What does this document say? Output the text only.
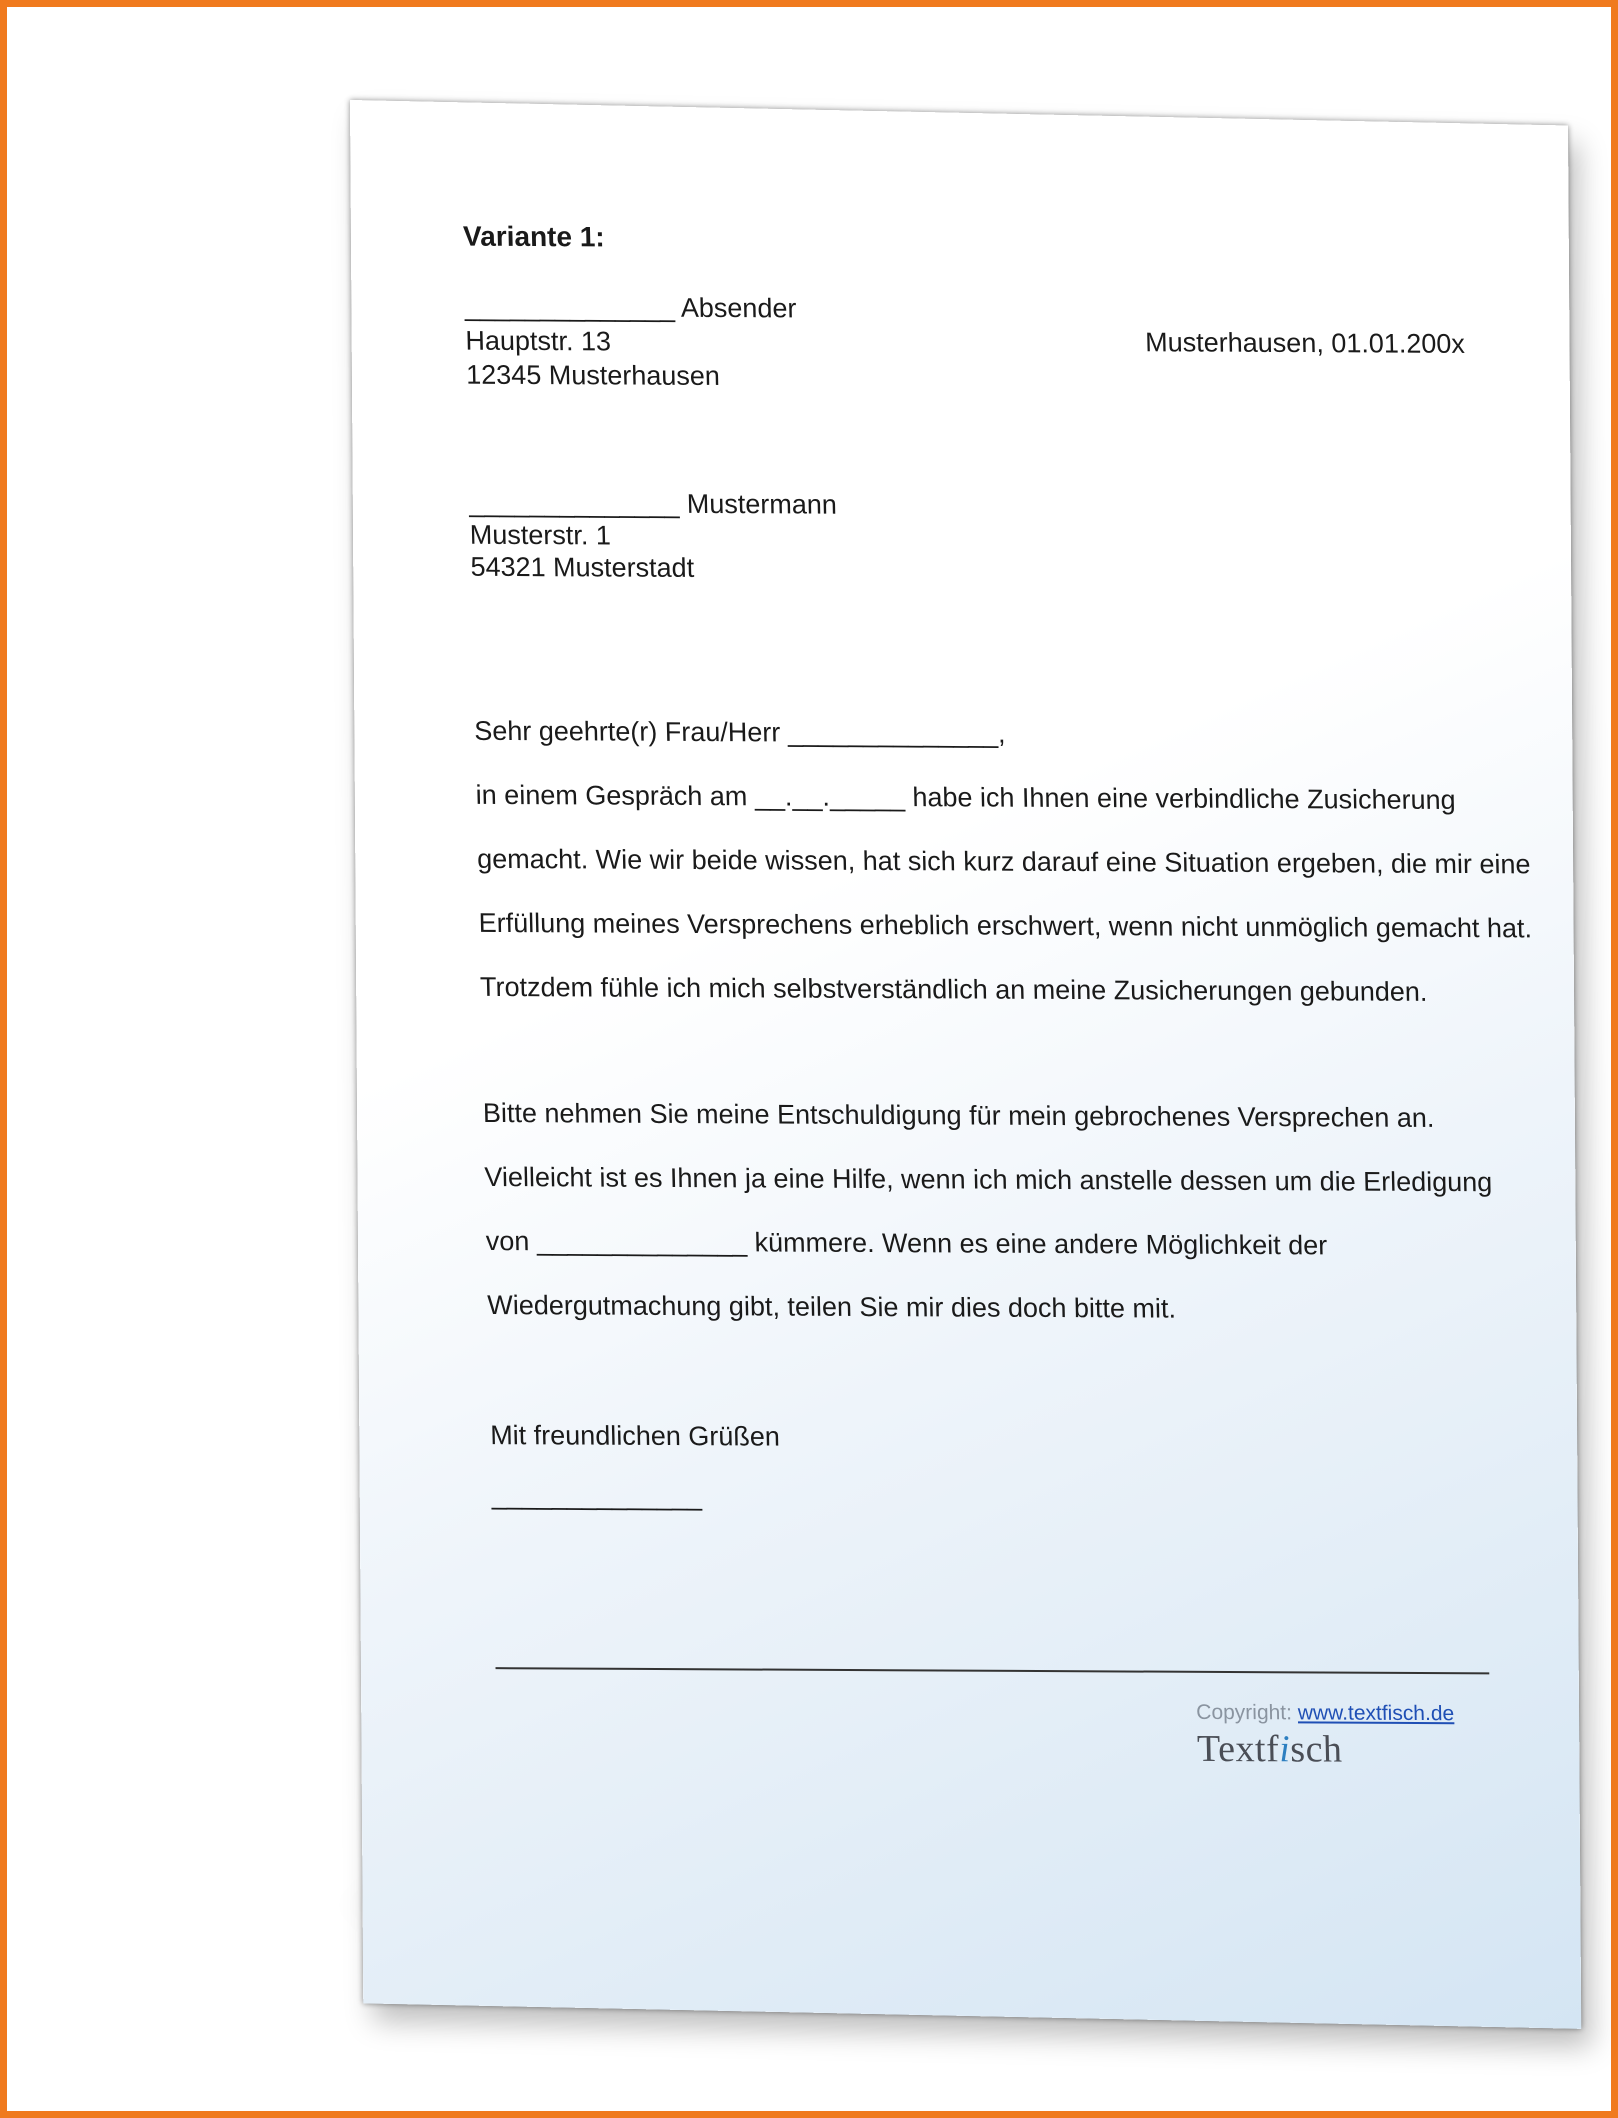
Variante 1:
______________ Absender
Hauptstr. 13
12345 Musterhausen
Musterhausen, 01.01.200x
______________ Mustermann
Musterstr. 1
54321 Musterstadt
Sehr geehrte(r) Frau/Herr ______________,
in einem Gespräch am __.__._____ habe ich Ihnen eine verbindliche Zusicherung
gemacht. Wie wir beide wissen, hat sich kurz darauf eine Situation ergeben, die mir eine
Erfüllung meines Versprechens erheblich erschwert, wenn nicht unmöglich gemacht hat.
Trotzdem fühle ich mich selbstverständlich an meine Zusicherungen gebunden.
Bitte nehmen Sie meine Entschuldigung für mein gebrochenes Versprechen an.
Vielleicht ist es Ihnen ja eine Hilfe, wenn ich mich anstelle dessen um die Erledigung
von ______________ kümmere. Wenn es eine andere Möglichkeit der
Wiedergutmachung gibt, teilen Sie mir dies doch bitte mit.
Mit freundlichen Grüßen
______________
Copyright: www.textfisch.de
Textfisch
